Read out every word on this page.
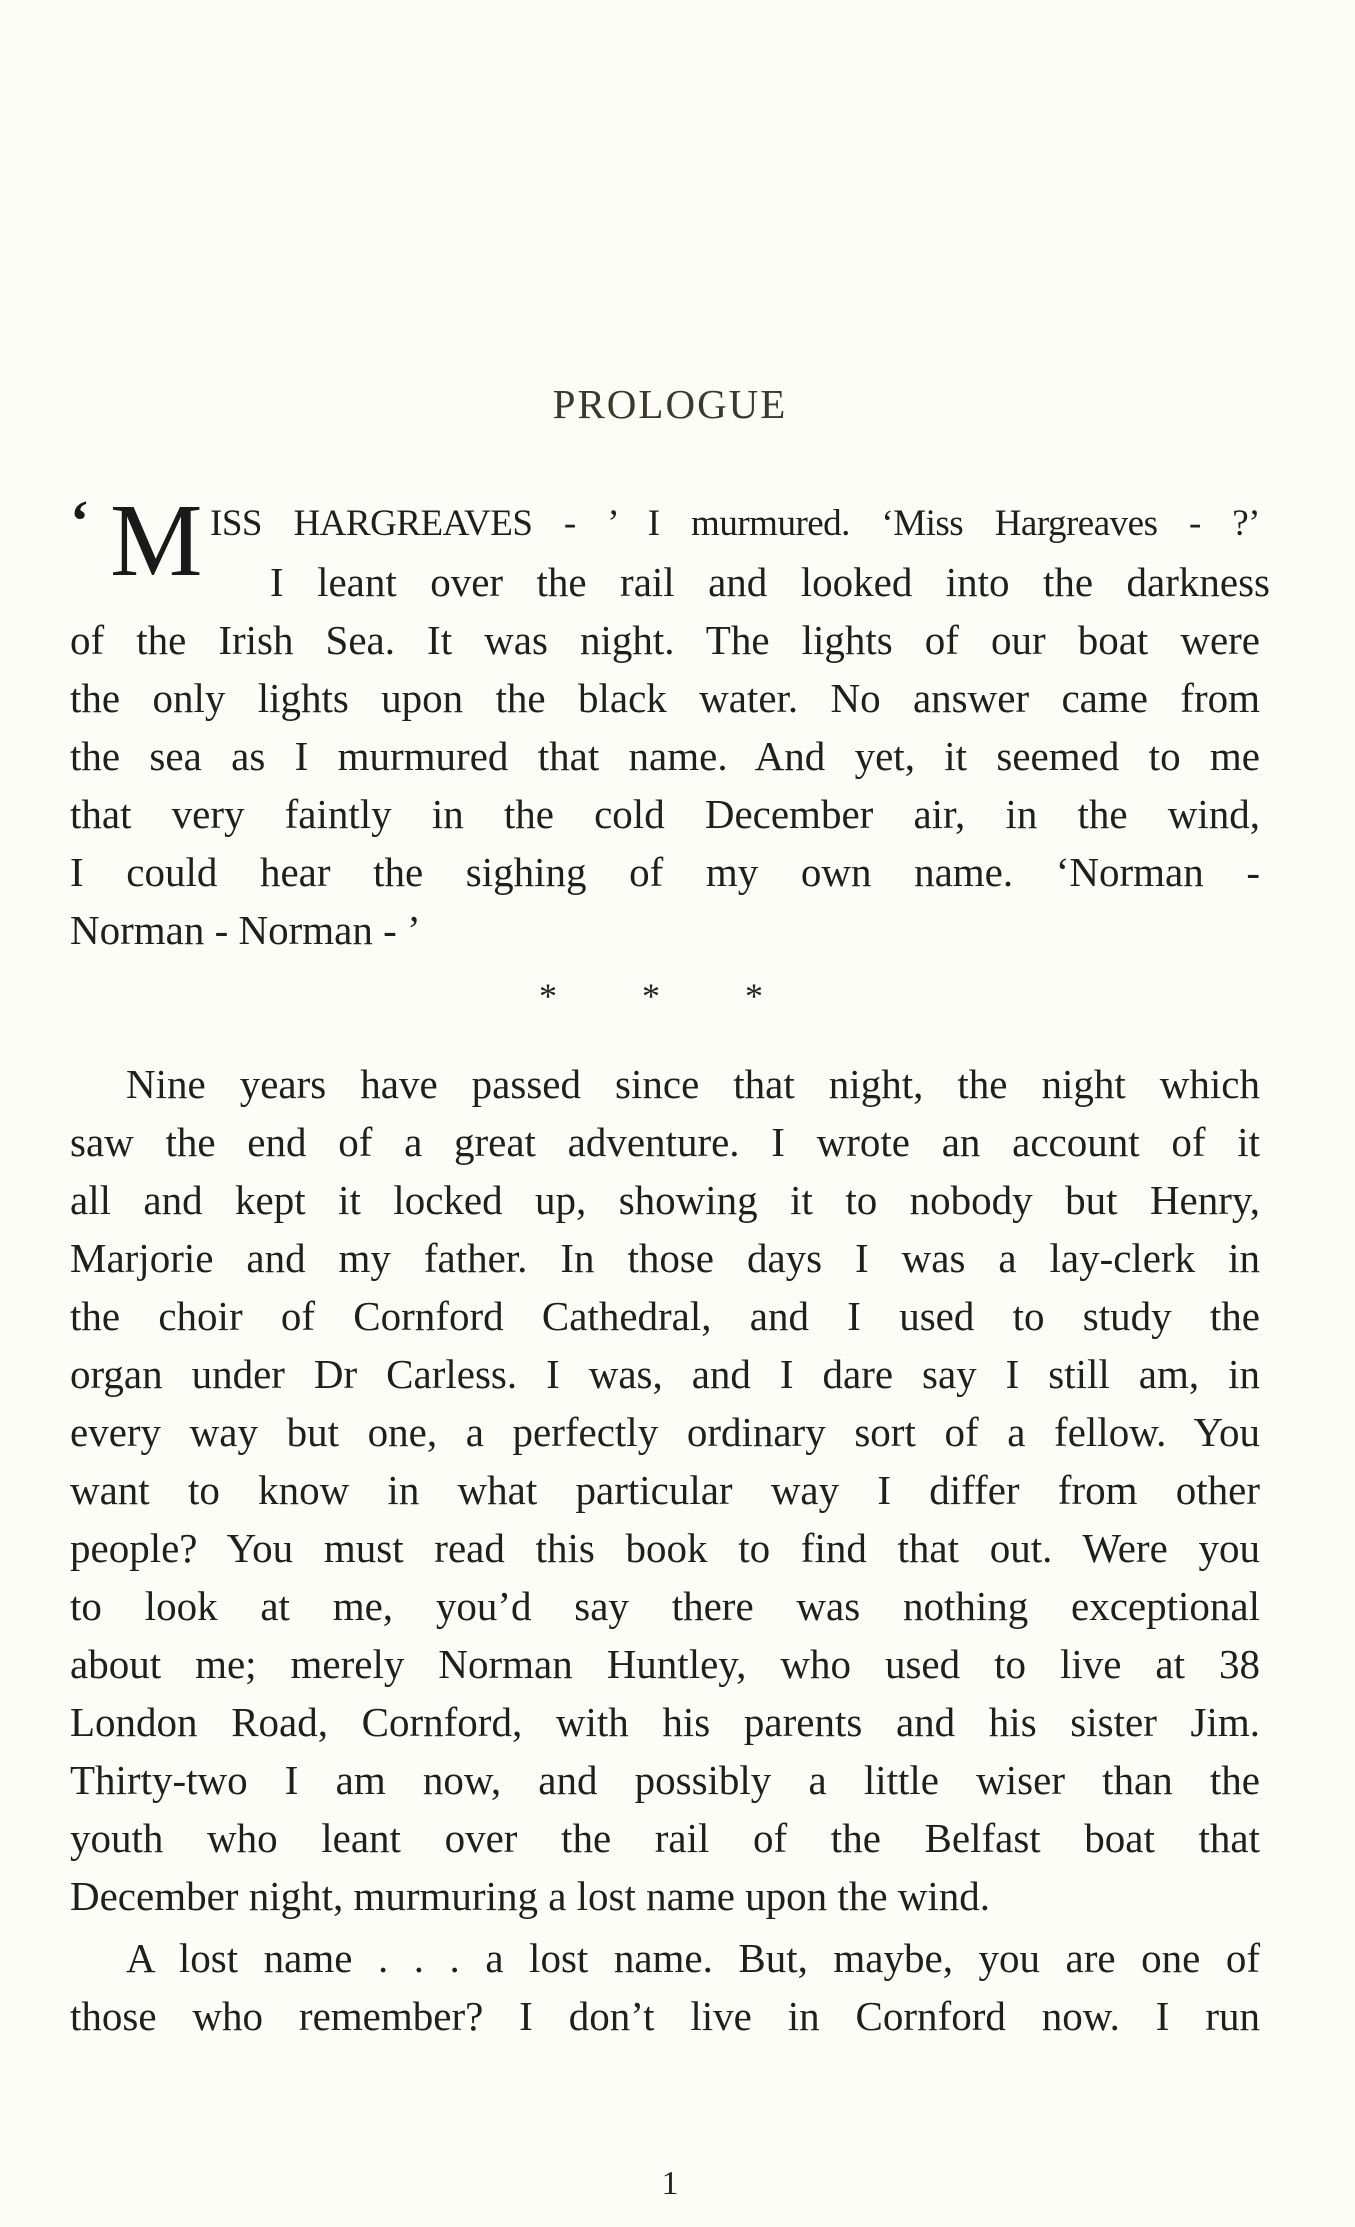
PROLOGUE
‘ M ISS HARGREAVES - ’ I murmured. ‘Miss Hargreaves - ?’
I leant over the rail and looked into the darkness
of the Irish Sea. It was night. The lights of our boat were
the only lights upon the black water. No answer came from
the sea as I murmured that name. And yet, it seemed to me
that very faintly in the cold December air, in the wind,
I could hear the sighing of my own name. ‘Norman -
Norman - Norman - ’
* * *
Nine years have passed since that night, the night which
saw the end of a great adventure. I wrote an account of it
all and kept it locked up, showing it to nobody but Henry,
Marjorie and my father. In those days I was a lay-clerk in
the choir of Cornford Cathedral, and I used to study the
organ under Dr Carless. I was, and I dare say I still am, in
every way but one, a perfectly ordinary sort of a fellow. You
want to know in what particular way I differ from other
people? You must read this book to find that out. Were you
to look at me, you’d say there was nothing exceptional
about me; merely Norman Huntley, who used to live at 38
London Road, Cornford, with his parents and his sister Jim.
Thirty-two I am now, and possibly a little wiser than the
youth who leant over the rail of the Belfast boat that
December night, murmuring a lost name upon the wind.
A lost name . . . a lost name. But, maybe, you are one of
those who remember? I don’t live in Cornford now. I run
1
